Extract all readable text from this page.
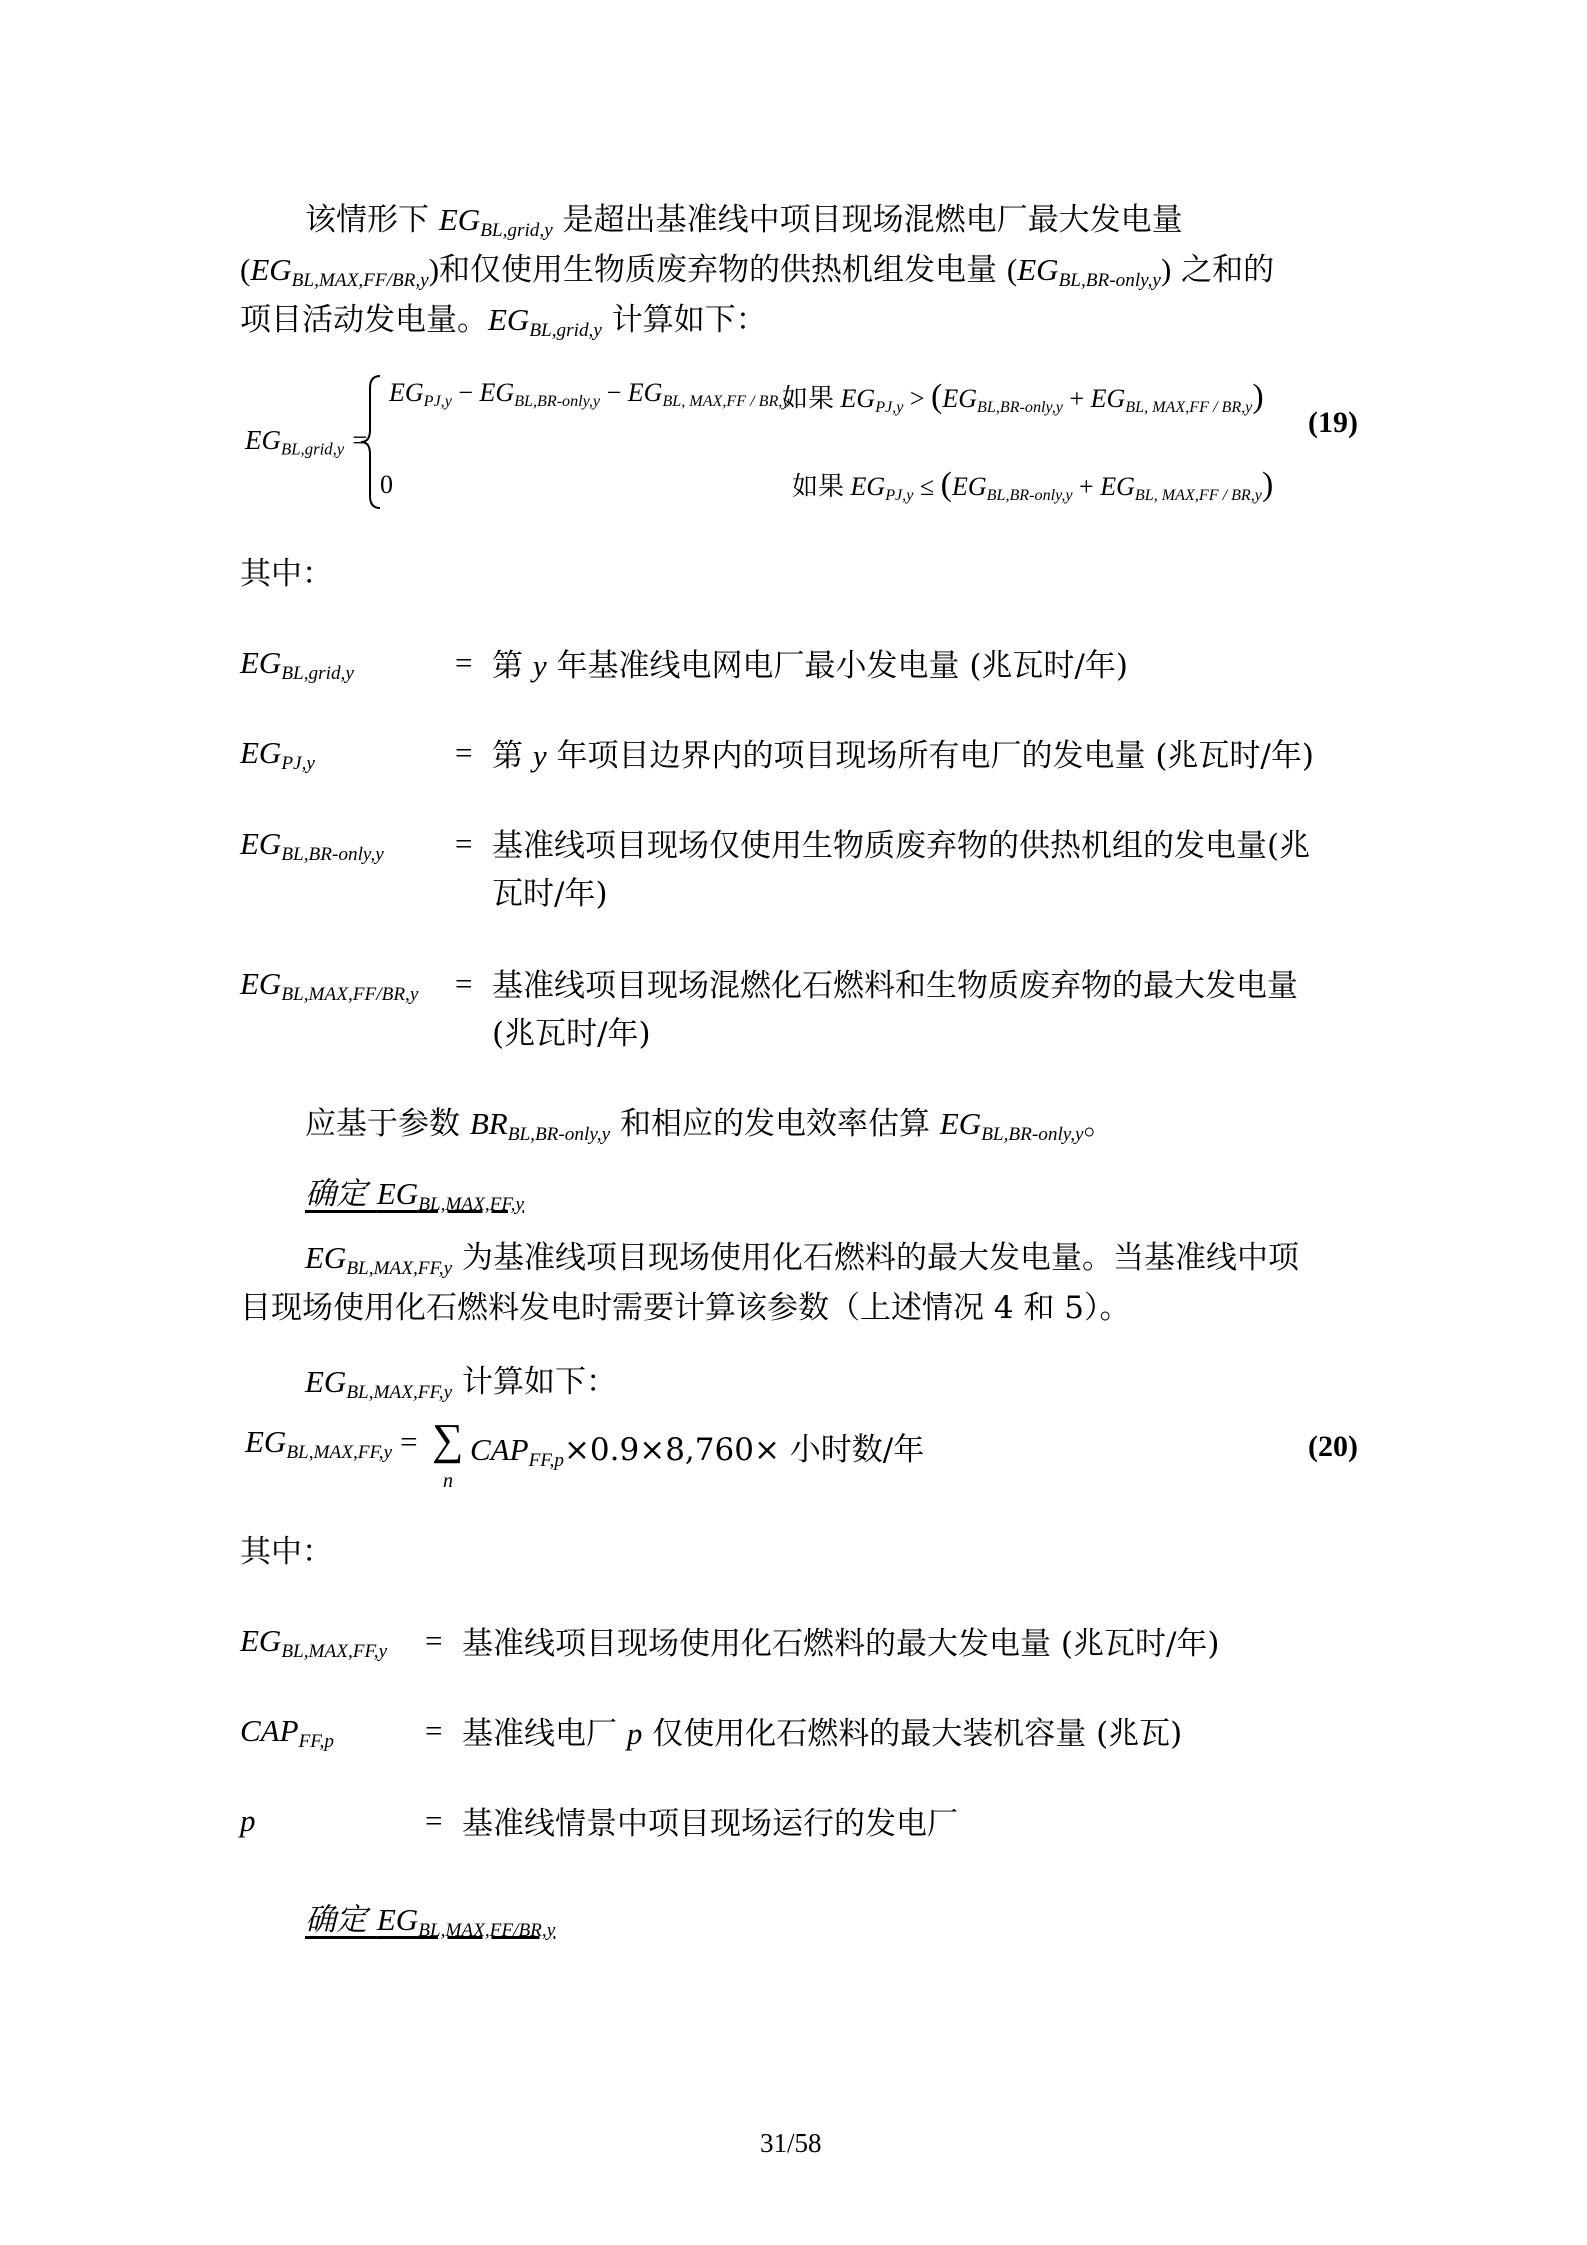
该情形下 $EG_{BL,grid,y}$ 是超出基准线中项目现场混燃电厂最大发电量
$(EG_{BL,MAX,FF/BR,y})$和仅使用生物质废弃物的供热机组发电量 $(EG_{BL,BR-only,y})$ 之和的
项目活动发电量。$EG_{BL,grid,y}$ 计算如下：
$EG_{BL,grid,y}$ =
$EG_{PJ,y} - EG_{BL,BR-only,y} - EG_{BL, MAX,FF / BR,y}$
如果 $EG_{PJ,y} > (EG_{BL,BR-only,y} + EG_{BL, MAX,FF / BR,y})$
0	如果 $EG_{PJ,y} \le (EG_{BL,BR-only,y} + EG_{BL, MAX,FF / BR,y})$
(19)
其中：
$EG_{BL,grid,y}$	= 第 y 年基准线电网电厂最小发电量 (兆瓦时/年)
$EG_{PJ,y}$	= 第 y 年项目边界内的项目现场所有电厂的发电量 (兆瓦时/年)
$EG_{BL,BR-only,y}$ = 基准线项目现场仅使用生物质废弃物的供热机组的发电量(兆
瓦时/年)
$EG_{BL,MAX,FF/BR,y}$ = 基准线项目现场混燃化石燃料和生物质废弃物的最大发电量
(兆瓦时/年)
应基于参数 $BR_{BL,BR-only,y}$ 和相应的发电效率估算 $EG_{BL,BR-only,y}$。
确定 $EG_{BL,MAX,FF,y}$
$EG_{BL,MAX,FF,y}$ 为基准线项目现场使用化石燃料的最大发电量。当基准线中项
目现场使用化石燃料发电时需要计算该参数（上述情况 4 和 5）。
$EG_{BL,MAX,FF,y}$ 计算如下：
$EG_{BL,MAX,FF,y}$ = ∑
n
$CAP_{FF,p}\times 0.9\times 8,760\times$ 小时数/年	(20)
其中：
$EG_{BL,MAX,FF,y}$ = 基准线项目现场使用化石燃料的最大发电量 (兆瓦时/年)
$CAP_{FF,p}$	= 基准线电厂 p 仅使用化石燃料的最大装机容量 (兆瓦)
p	= 基准线情景中项目现场运行的发电厂
确定 $EG_{BL,MAX,FF/BR,y}$
31/58
